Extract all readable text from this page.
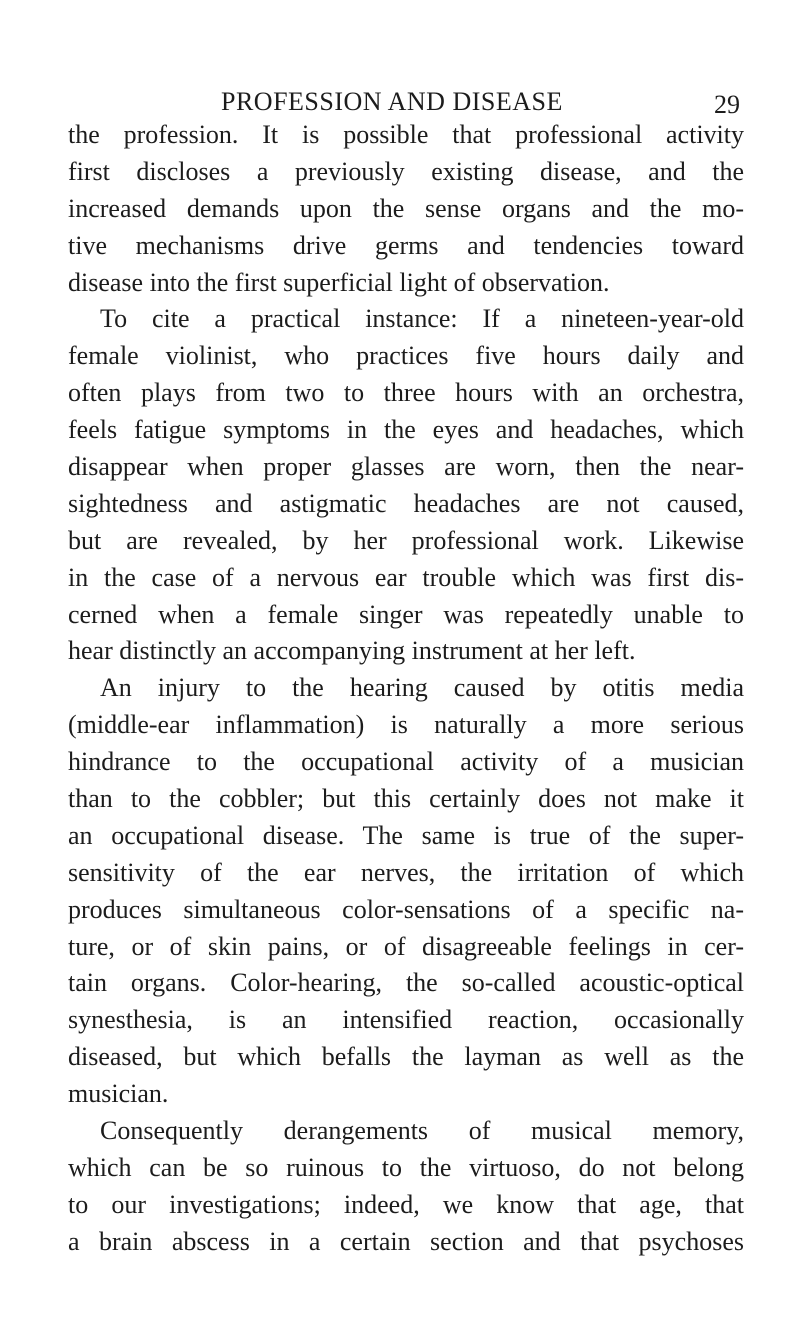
PROFESSION AND DISEASE	29
the profession. It is possible that professional activity
first discloses a previously existing disease, and the
increased demands upon the sense organs and the mo-
tive mechanisms drive germs and tendencies toward
disease into the first superficial light of observation.
To cite a practical instance: If a nineteen-year-old
female violinist, who practices five hours daily and
often plays from two to three hours with an orchestra,
feels fatigue symptoms in the eyes and headaches, which
disappear when proper glasses are worn, then the near-
sightedness and astigmatic headaches are not caused,
but are revealed, by her professional work. Likewise
in the case of a nervous ear trouble which was first dis-
cerned when a female singer was repeatedly unable to
hear distinctly an accompanying instrument at her left.
An injury to the hearing caused by otitis media
(middle-ear inflammation) is naturally a more serious
hindrance to the occupational activity of a musician
than to the cobbler; but this certainly does not make it
an occupational disease. The same is true of the super-
sensitivity of the ear nerves, the irritation of which
produces simultaneous color-sensations of a specific na-
ture, or of skin pains, or of disagreeable feelings in cer-
tain organs. Color-hearing, the so-called acoustic-optical
synesthesia, is an intensified reaction, occasionally
diseased, but which befalls the layman as well as the
musician.
Consequently derangements of musical memory,
which can be so ruinous to the virtuoso, do not belong
to our investigations; indeed, we know that age, that
a brain abscess in a certain section and that psychoses
